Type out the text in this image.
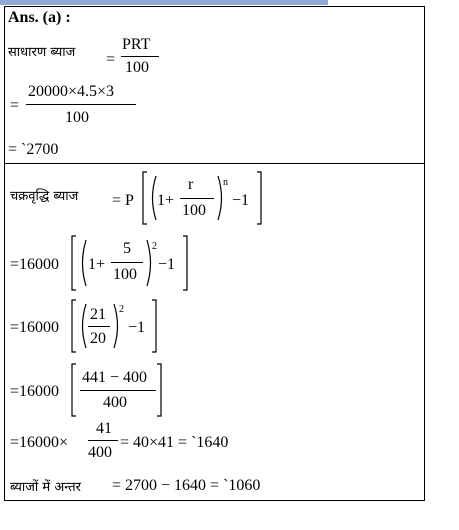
Ans. (a) :
साधारण ब्याज =
PRT
100
=
20000×4.5×3
100
= `2700
चक्रवृद्धि ब्याज = P 1+
r
100
n
−1
=16000 1+
5
100
2
−1
=16000
21
20
2
−1
=16000
441 − 400
400
=16000×
41
400
= 40×41 = `1640
ब्याजों में अन्तर = 2700 − 1640 = `1060
